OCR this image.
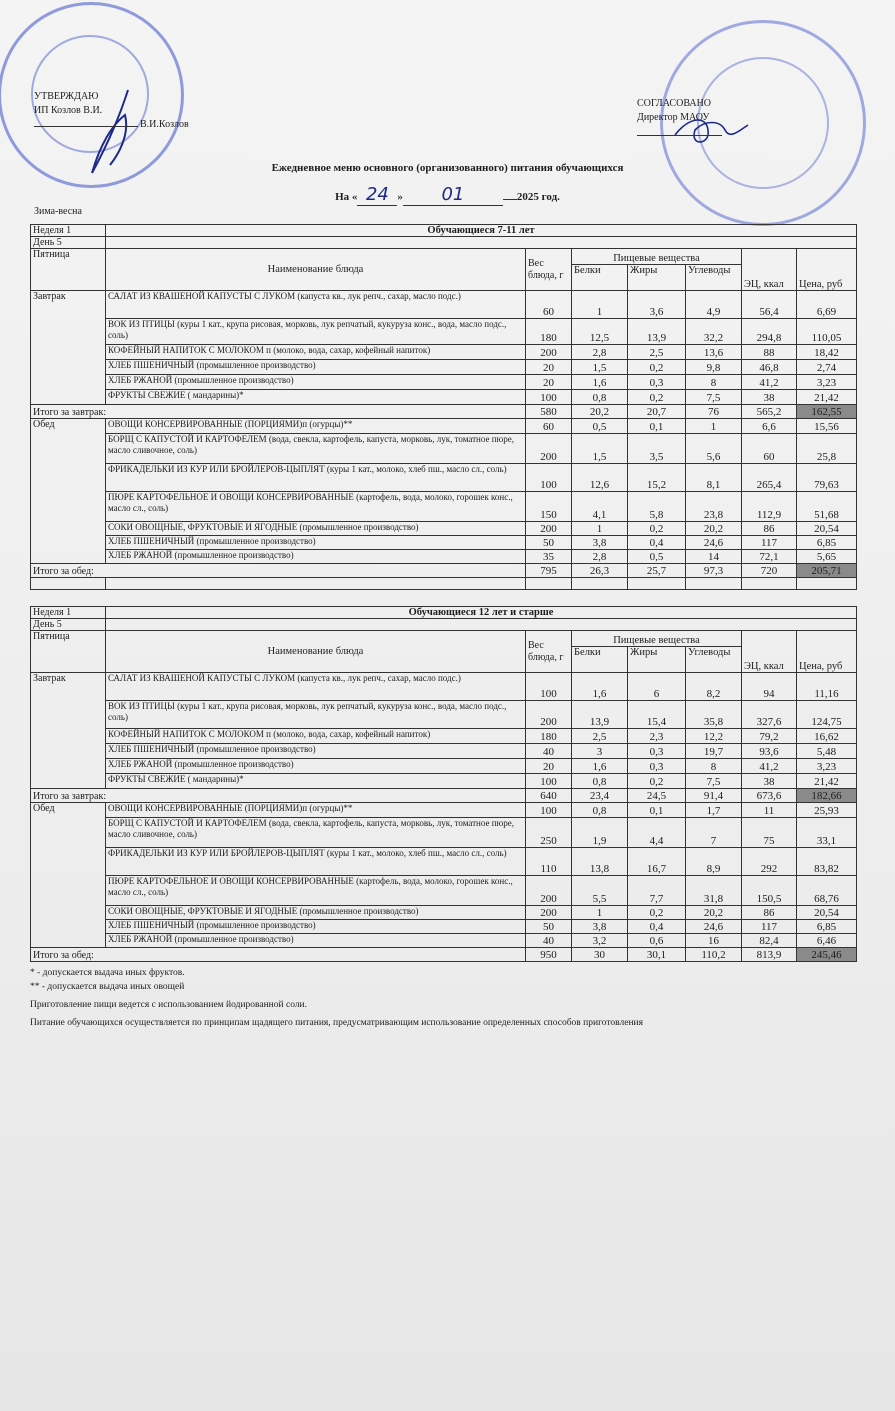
УТВЕРЖДАЮ
ИП Козлов В.И.
В.И.Козлов
СОГЛАСОВАНО
Директор МАОУ
Ежедневное меню основного (организованного) питания обучающихся
На « 24 » 01	2025 год.
Зима-весна
Неделя 1	Обучающиеся 7-11 лет						
День 5							
Пятница	Наименование блюда	Вес блюда, г	Пищевые вещества			ЭЦ, ккал	Цена, руб
			Белки	Жиры	Углеводы		
Завтрак	САЛАТ ИЗ КВАШЕНОЙ КАПУСТЫ С ЛУКОМ (капуста кв., лук репч., сахар, масло подс.)	60	1	3,6	4,9	56,4	6,69
	ВОК ИЗ ПТИЦЫ (куры 1 кат., крупа рисовая, морковь, лук репчатый, кукуруза конс., вода, масло подс., соль)	180	12,5	13,9	32,2	294,8	110,05
	КОФЕЙНЫЙ НАПИТОК С МОЛОКОМ п (молоко, вода, сахар, кофейный напиток)	200	2,8	2,5	13,6	88	18,42
	ХЛЕБ ПШЕНИЧНЫЙ (промышленное производство)	20	1,5	0,2	9,8	46,8	2,74
	ХЛЕБ РЖАНОЙ (промышленное производство)	20	1,6	0,3	8	41,2	3,23
	ФРУКТЫ СВЕЖИЕ ( мандарины)*	100	0,8	0,2	7,5	38	21,42
Итого за завтрак:		580	20,2	20,7	76	565,2	162,55
Обед	ОВОЩИ КОНСЕРВИРОВАННЫЕ (ПОРЦИЯМИ)п (огурцы)**	60	0,5	0,1	1	6,6	15,56
	БОРЩ С КАПУСТОЙ И КАРТОФЕЛЕМ (вода, свекла, картофель, капуста, морковь, лук, томатное пюре, масло сливочное, соль)	200	1,5	3,5	5,6	60	25,8
	ФРИКАДЕЛЬКИ ИЗ КУР ИЛИ БРОЙЛЕРОВ-ЦЫПЛЯТ (куры 1 кат., молоко, хлеб пш., масло сл., соль)	100	12,6	15,2	8,1	265,4	79,63
	ПЮРЕ КАРТОФЕЛЬНОЕ И ОВОЩИ КОНСЕРВИРОВАННЫЕ (картофель, вода, молоко, горошек конс., масло сл., соль)	150	4,1	5,8	23,8	112,9	51,68
	СОКИ ОВОЩНЫЕ, ФРУКТОВЫЕ И ЯГОДНЫЕ (промышленное производство)	200	1	0,2	20,2	86	20,54
	ХЛЕБ ПШЕНИЧНЫЙ (промышленное производство)	50	3,8	0,4	24,6	117	6,85
	ХЛЕБ РЖАНОЙ (промышленное производство)	35	2,8	0,5	14	72,1	5,65
Итого за обед:		795	26,3	25,7	97,3	720	205,71

Неделя 1	Обучающиеся 12 лет и старше						
День 5							
Пятница	Наименование блюда	Вес блюда, г	Пищевые вещества			ЭЦ, ккал	Цена, руб
			Белки	Жиры	Углеводы		
Завтрак	САЛАТ ИЗ КВАШЕНОЙ КАПУСТЫ С ЛУКОМ (капуста кв., лук репч., сахар, масло подс.)	100	1,6	6	8,2	94	11,16
	ВОК ИЗ ПТИЦЫ (куры 1 кат., крупа рисовая, морковь, лук репчатый, кукуруза конс., вода, масло подс., соль)	200	13,9	15,4	35,8	327,6	124,75
	КОФЕЙНЫЙ НАПИТОК С МОЛОКОМ п (молоко, вода, сахар, кофейный напиток)	180	2,5	2,3	12,2	79,2	16,62
	ХЛЕБ ПШЕНИЧНЫЙ (промышленное производство)	40	3	0,3	19,7	93,6	5,48
	ХЛЕБ РЖАНОЙ (промышленное производство)	20	1,6	0,3	8	41,2	3,23
	ФРУКТЫ СВЕЖИЕ ( мандарины)*	100	0,8	0,2	7,5	38	21,42
Итого за завтрак:		640	23,4	24,5	91,4	673,6	182,66
Обед	ОВОЩИ КОНСЕРВИРОВАННЫЕ (ПОРЦИЯМИ)п (огурцы)**	100	0,8	0,1	1,7	11	25,93
	БОРЩ С КАПУСТОЙ И КАРТОФЕЛЕМ (вода, свекла, картофель, капуста, морковь, лук, томатное пюре, масло сливочное, соль)	250	1,9	4,4	7	75	33,1
	ФРИКАДЕЛЬКИ ИЗ КУР ИЛИ БРОЙЛЕРОВ-ЦЫПЛЯТ (куры 1 кат., молоко, хлеб пш., масло сл., соль)	110	13,8	16,7	8,9	292	83,82
	ПЮРЕ КАРТОФЕЛЬНОЕ И ОВОЩИ КОНСЕРВИРОВАННЫЕ (картофель, вода, молоко, горошек конс., масло сл., соль)	200	5,5	7,7	31,8	150,5	68,76
	СОКИ ОВОЩНЫЕ, ФРУКТОВЫЕ И ЯГОДНЫЕ (промышленное производство)	200	1	0,2	20,2	86	20,54
	ХЛЕБ ПШЕНИЧНЫЙ (промышленное производство)	50	3,8	0,4	24,6	117	6,85
	ХЛЕБ РЖАНОЙ (промышленное производство)	40	3,2	0,6	16	82,4	6,46
Итого за обед:		950	30	30,1	110,2	813,9	245,46
* - допускается выдача иных фруктов.
** - допускается выдача иных овощей
Приготовление пищи ведется с использованием йодированной соли.
Питание обучающихся осуществляется по принципам щадящего питания, предусматривающим использование определенных способов приготовления
